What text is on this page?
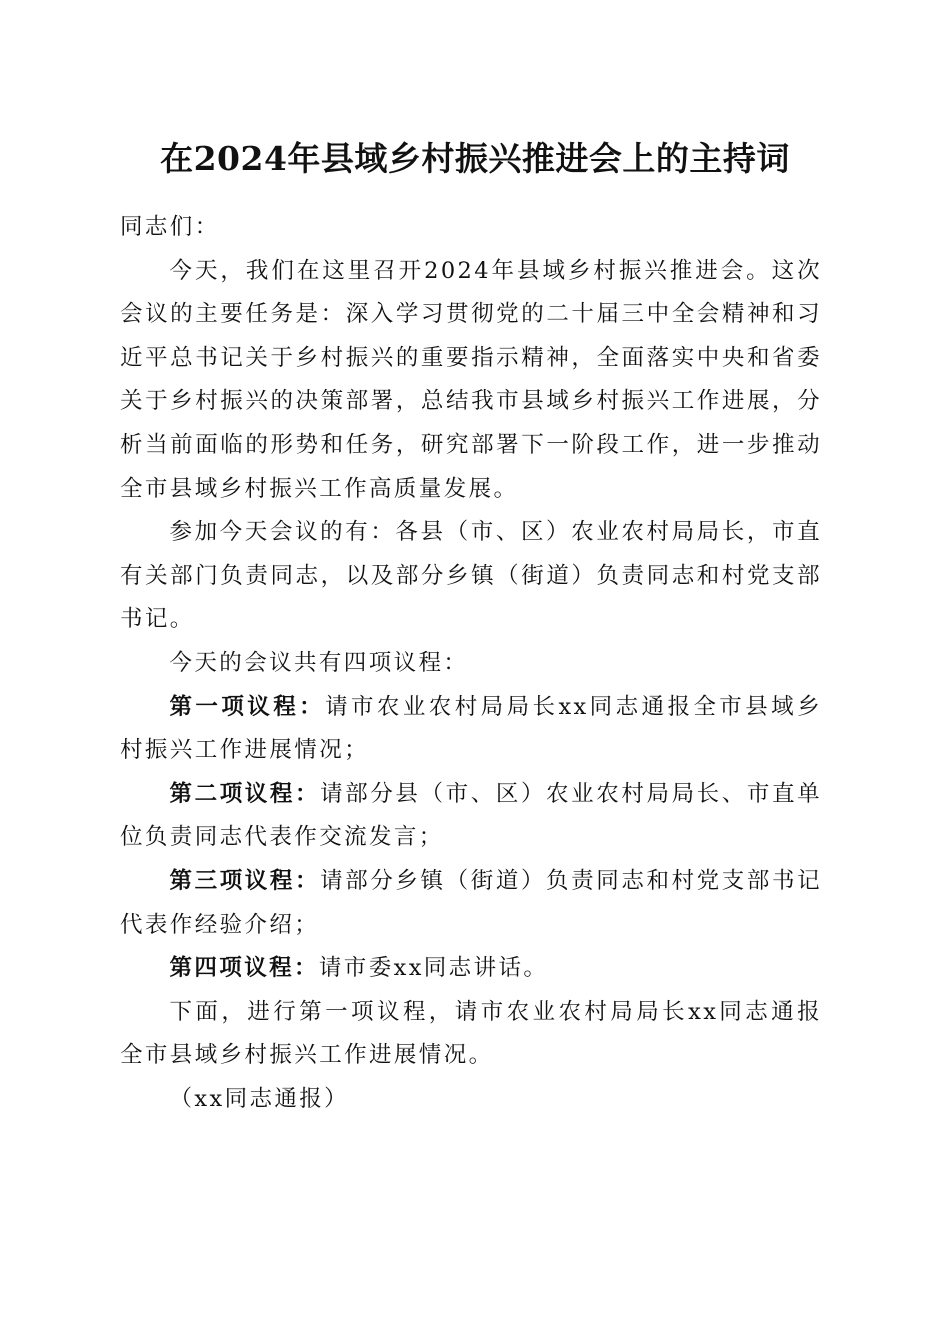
在2024年县域乡村振兴推进会上的主持词

同志们：

今天，我们在这里召开2024年县域乡村振兴推进会。这次会议的主要任务是：深入学习贯彻党的二十届三中全会精神和习近平总书记关于乡村振兴的重要指示精神，全面落实中央和省委关于乡村振兴的决策部署，总结我市县域乡村振兴工作进展，分析当前面临的形势和任务，研究部署下一阶段工作，进一步推动全市县域乡村振兴工作高质量发展。

参加今天会议的有：各县（市、区）农业农村局局长，市直有关部门负责同志，以及部分乡镇（街道）负责同志和村党支部书记。

今天的会议共有四项议程：

第一项议程：请市农业农村局局长xx同志通报全市县域乡村振兴工作进展情况；

第二项议程：请部分县（市、区）农业农村局局长、市直单位负责同志代表作交流发言；

第三项议程：请部分乡镇（街道）负责同志和村党支部书记代表作经验介绍；

第四项议程：请市委xx同志讲话。

下面，进行第一项议程，请市农业农村局局长xx同志通报全市县域乡村振兴工作进展情况。

（xx同志通报）
